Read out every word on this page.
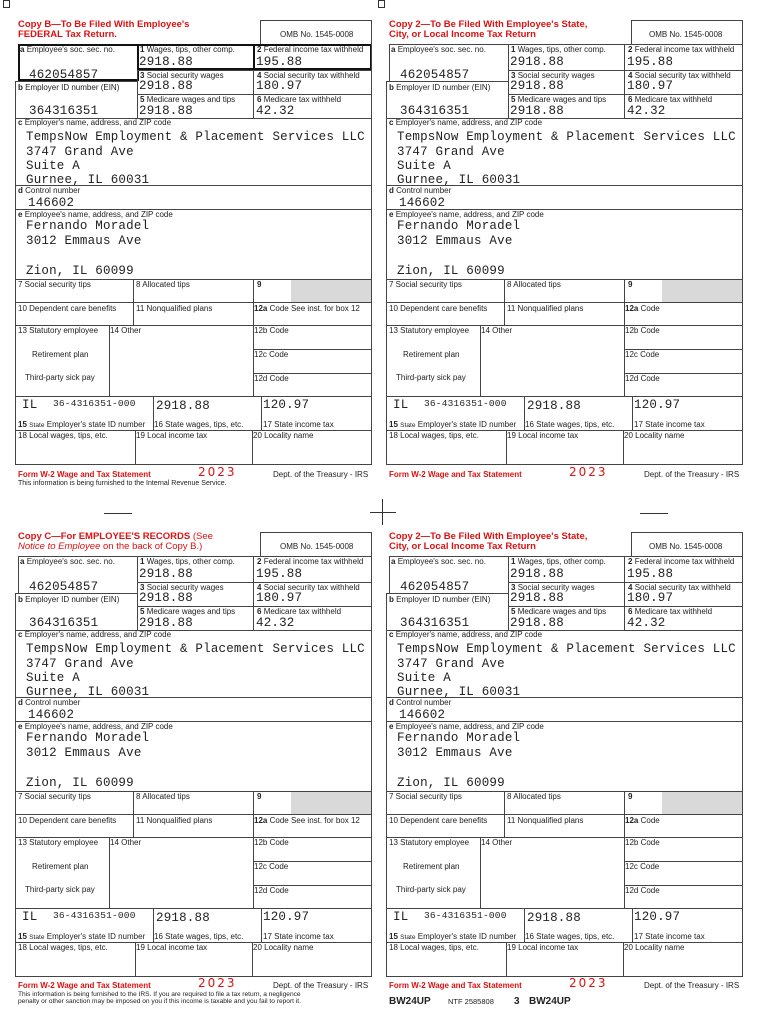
Copy B—To Be Filed With Employee's
FEDERAL Tax Return.	OMB No. 1545-0008
a Employee's soc. sec. no.
462054857
1 Wages, tips, other comp.
2918.88
2 Federal income tax withheld
195.88
3 Social security wages
2918.88
4 Social security tax withheld
180.97
b Employer ID number (EIN)
364316351
5 Medicare wages and tips
2918.88
6 Medicare tax withheld
42.32
c Employer's name, address, and ZIP code
TempsNow Employment & Placement Services LLC
3747 Grand Ave
Suite A
Gurnee, IL 60031
d Control number
146602
e Employee's name, address, and ZIP code
Fernando Moradel
3012 Emmaus Ave
Zion, IL 60099
7 Social security tips	8 Allocated tips	9
10 Dependent care benefits 11 Nonqualified plans	12a Code See inst. for box 12
13 Statutory employee
Retirement plan
Third-party sick pay
14 Other	12b Code
12c Code
12d Code
IL 36-4316351-000
15 State Employer's state ID number
2918.88
16 State wages, tips, etc.
120.97
17 State income tax
18 Local wages, tips, etc.	19 Local income tax	20 Locality name
Form W-2 Wage and Tax Statement	2023	Dept. of the Treasury - IRS
This information is being furnished to the Internal Revenue Service.
Copy 2—To Be Filed With Employee's State,
City, or Local Income Tax Return	OMB No. 1545-0008
a Employee's soc. sec. no.
462054857
1 Wages, tips, other comp.
2918.88
2 Federal income tax withheld
195.88
3 Social security wages
2918.88
4 Social security tax withheld
180.97
b Employer ID number (EIN)
364316351
5 Medicare wages and tips
2918.88
6 Medicare tax withheld
42.32
c Employer's name, address, and ZIP code
TempsNow Employment & Placement Services LLC
3747 Grand Ave
Suite A
Gurnee, IL 60031
d Control number
146602
e Employee's name, address, and ZIP code
Fernando Moradel
3012 Emmaus Ave
Zion, IL 60099
7 Social security tips	8 Allocated tips	9
10 Dependent care benefits 11 Nonqualified plans	12a Code
13 Statutory employee
Retirement plan
Third-party sick pay
14 Other	12b Code
12c Code
12d Code
IL 36-4316351-000
15 State Employer's state ID number
2918.88
16 State wages, tips, etc.
120.97
17 State income tax
18 Local wages, tips, etc.	19 Local income tax	20 Locality name
Form W-2 Wage and Tax Statement	2023	Dept. of the Treasury - IRS
Copy C—For EMPLOYEE'S RECORDS (See
Notice to Employee on the back of Copy B.)	OMB No. 1545-0008
a Employee's soc. sec. no.
462054857
1 Wages, tips, other comp.
2918.88
2 Federal income tax withheld
195.88
3 Social security wages
2918.88
4 Social security tax withheld
180.97
b Employer ID number (EIN)
364316351
5 Medicare wages and tips
2918.88
6 Medicare tax withheld
42.32
c Employer's name, address, and ZIP code
TempsNow Employment & Placement Services LLC
3747 Grand Ave
Suite A
Gurnee, IL 60031
d Control number
146602
e Employee's name, address, and ZIP code
Fernando Moradel
3012 Emmaus Ave
Zion, IL 60099
7 Social security tips	8 Allocated tips	9
10 Dependent care benefits 11 Nonqualified plans	12a Code See inst. for box 12
13 Statutory employee
Retirement plan
Third-party sick pay
14 Other	12b Code
12c Code
12d Code
IL 36-4316351-000
15 State Employer's state ID number
2918.88
16 State wages, tips, etc.
120.97
17 State income tax
18 Local wages, tips, etc.	19 Local income tax	20 Locality name
Form W-2 Wage and Tax Statement	2023	Dept. of the Treasury - IRS
This information is being furnished to the IRS. If you are required to file a tax return, a negligence
penalty or other sanction may be imposed on you if this income is taxable and you fail to report it.
Copy 2—To Be Filed With Employee's State,
City, or Local Income Tax Return	OMB No. 1545-0008
a Employee's soc. sec. no.
462054857
1 Wages, tips, other comp.
2918.88
2 Federal income tax withheld
195.88
3 Social security wages
2918.88
4 Social security tax withheld
180.97
b Employer ID number (EIN)
364316351
5 Medicare wages and tips
2918.88
6 Medicare tax withheld
42.32
c Employer's name, address, and ZIP code
TempsNow Employment & Placement Services LLC
3747 Grand Ave
Suite A
Gurnee, IL 60031
d Control number
146602
e Employee's name, address, and ZIP code
Fernando Moradel
3012 Emmaus Ave
Zion, IL 60099
7 Social security tips	8 Allocated tips	9
10 Dependent care benefits 11 Nonqualified plans	12a Code
13 Statutory employee
Retirement plan
Third-party sick pay
14 Other	12b Code
12c Code
12d Code
IL 36-4316351-000
15 State Employer's state ID number
2918.88
16 State wages, tips, etc.
120.97
17 State income tax
18 Local wages, tips, etc.	19 Local income tax	20 Locality name
Form W-2 Wage and Tax Statement	2023	Dept. of the Treasury - IRS
BW24UP NTF 2585808 3 BW24UP
